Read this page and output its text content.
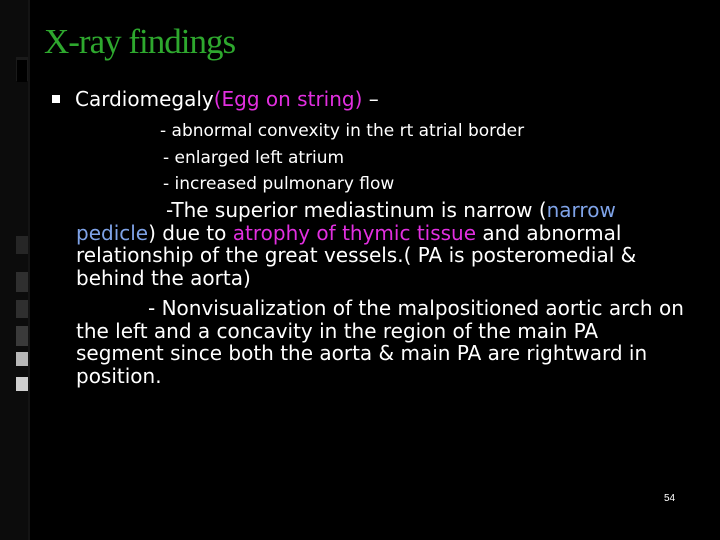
X-ray findings
Cardiomegaly(Egg on string) –
- abnormal convexity in the rt atrial border
- enlarged left atrium
- increased pulmonary flow
-The superior mediastinum is narrow (narrow pedicle) due to atrophy of thymic tissue and abnormal relationship of the great vessels.( PA is posteromedial & behind the aorta)
- Nonvisualization of the malpositioned aortic arch on the left and a concavity in the region of the main PA segment since both the aorta & main PA are rightward in position.
54
